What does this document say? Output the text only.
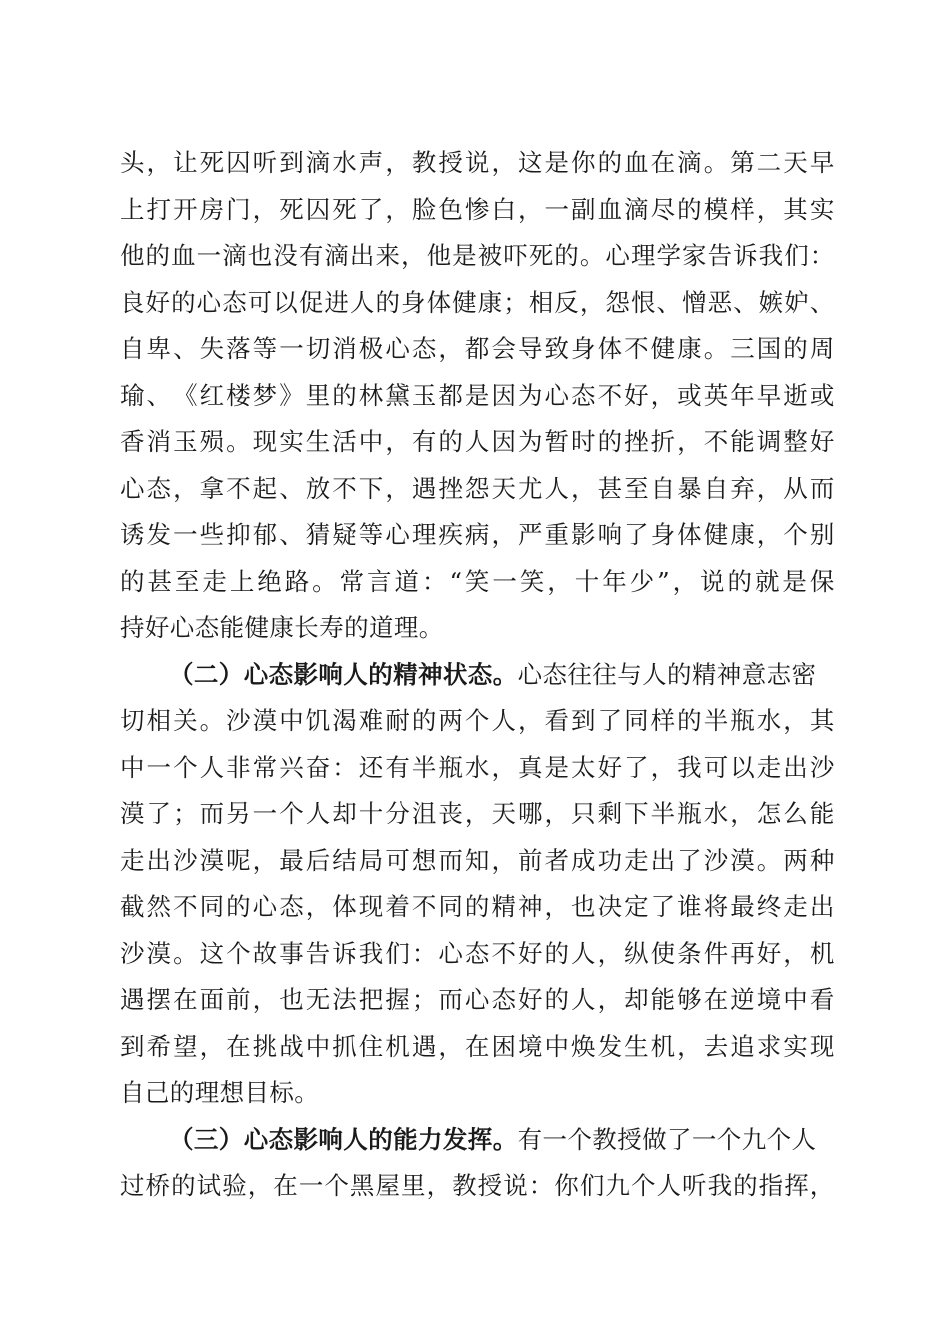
头 ， 让 死 囚 听 到 滴 水 声 ， 教 授 说 ， 这 是 你 的 血 在 滴 。 第 二 天 早
上 打 开 房 门 ， 死 囚 死 了 ， 脸 色 惨 白 ， 一 副 血 滴 尽 的 模 样 ， 其 实
他 的 血 一 滴 也 没 有 滴 出 来 ， 他 是 被 吓 死 的 。 心 理 学 家 告 诉 我 们 ：
良 好 的 心 态 可 以 促 进 人 的 身 体 健 康 ； 相 反 ， 怨 恨 、 憎 恶 、 嫉 妒 、
自 卑 、 失 落 等 一 切 消 极 心 态 ， 都 会 导 致 身 体 不 健 康 。 三 国 的 周
瑜 、 《 红 楼 梦 》 里 的 林 黛 玉 都 是 因 为 心 态 不 好 ， 或 英 年 早 逝 或
香 消 玉 殒 。 现 实 生 活 中 ， 有 的 人 因 为 暂 时 的 挫 折 ， 不 能 调 整 好
心 态 ， 拿 不 起 、 放 不 下 ， 遇 挫 怨 天 尤 人 ， 甚 至 自 暴 自 弃 ， 从 而
诱 发 一 些 抑 郁 、 猜 疑 等 心 理 疾 病 ， 严 重 影 响 了 身 体 健 康 ， 个 别
的 甚 至 走 上 绝 路 。 常 言 道 ： “ 笑 一 笑 ， 十 年 少 ” ， 说 的 就 是 保
持好心态能健康长寿的道理。
（二）心态影响人的精神状态。心态往往与人的精神意志密
切 相 关 。 沙 漠 中 饥 渴 难 耐 的 两 个 人 ， 看 到 了 同 样 的 半 瓶 水 ， 其
中 一 个 人 非 常 兴 奋 ： 还 有 半 瓶 水 ， 真 是 太 好 了 ， 我 可 以 走 出 沙
漠 了 ； 而 另 一 个 人 却 十 分 沮 丧 ， 天 哪 ， 只 剩 下 半 瓶 水 ， 怎 么 能
走 出 沙 漠 呢 ， 最 后 结 局 可 想 而 知 ， 前 者 成 功 走 出 了 沙 漠 。 两 种
截 然 不 同 的 心 态 ， 体 现 着 不 同 的 精 神 ， 也 决 定 了 谁 将 最 终 走 出
沙 漠 。 这 个 故 事 告 诉 我 们 ： 心 态 不 好 的 人 ， 纵 使 条 件 再 好 ， 机
遇 摆 在 面 前 ， 也 无 法 把 握 ； 而 心 态 好 的 人 ， 却 能 够 在 逆 境 中 看
到 希 望 ， 在 挑 战 中 抓 住 机 遇 ， 在 困 境 中 焕 发 生 机 ， 去 追 求 实 现
自己的理想目标。
（三）心态影响人的能力发挥。有一个教授做了一个九个人
过 桥 的 试 验 ， 在 一 个 黑 屋 里 ， 教 授 说 ： 你 们 九 个 人 听 我 的 指 挥 ，
